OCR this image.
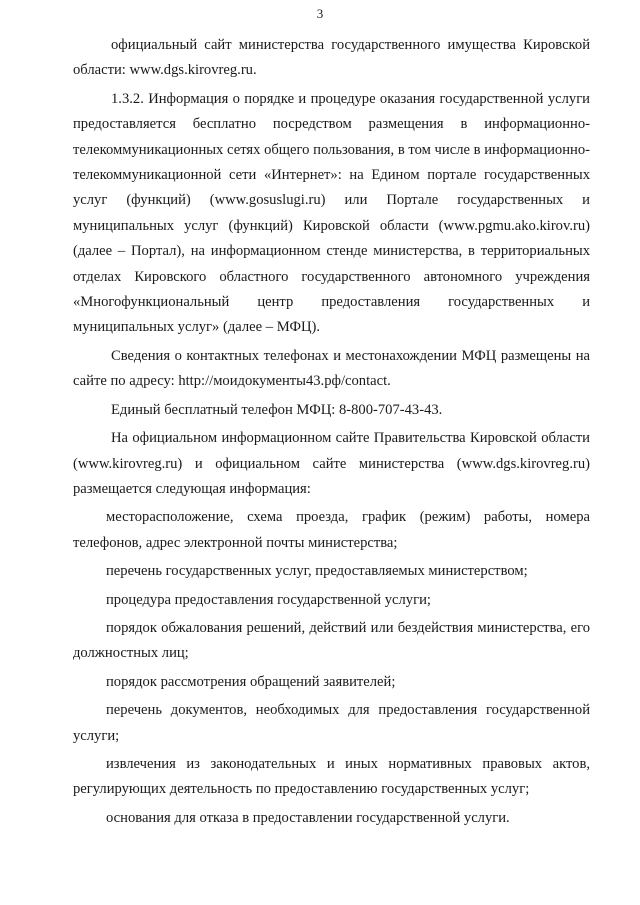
3

официальный сайт министерства государственного имущества Кировской области: www.dgs.kirovreg.ru.

1.3.2. Информация о порядке и процедуре оказания государственной услуги предоставляется бесплатно посредством размещения в информационно-телекоммуникационных сетях общего пользования, в том числе в информационно-телекоммуникационной сети «Интернет»: на Едином портале государственных услуг (функций) (www.gosuslugi.ru) или Портале государственных и муниципальных услуг (функций) Кировской области (www.pgmu.ako.kirov.ru) (далее – Портал), на информационном стенде министерства, в территориальных отделах Кировского областного государственного автономного учреждения «Многофункциональный центр предоставления государственных и муниципальных услуг» (далее – МФЦ).

Сведения о контактных телефонах и местонахождении МФЦ размещены на сайте по адресу: http://моидокументы43.рф/contact.

Единый бесплатный телефон МФЦ: 8-800-707-43-43.

На официальном информационном сайте Правительства Кировской области (www.kirovreg.ru) и официальном сайте министерства (www.dgs.kirovreg.ru) размещается следующая информация:

месторасположение, схема проезда, график (режим) работы, номера телефонов, адрес электронной почты министерства;

перечень государственных услуг, предоставляемых министерством;

процедура предоставления государственной услуги;

порядок обжалования решений, действий или бездействия министерства, его должностных лиц;

порядок рассмотрения обращений заявителей;

перечень документов, необходимых для предоставления государственной услуги;

извлечения из законодательных и иных нормативных правовых актов, регулирующих деятельность по предоставлению государственных услуг;

основания для отказа в предоставлении государственной услуги.
